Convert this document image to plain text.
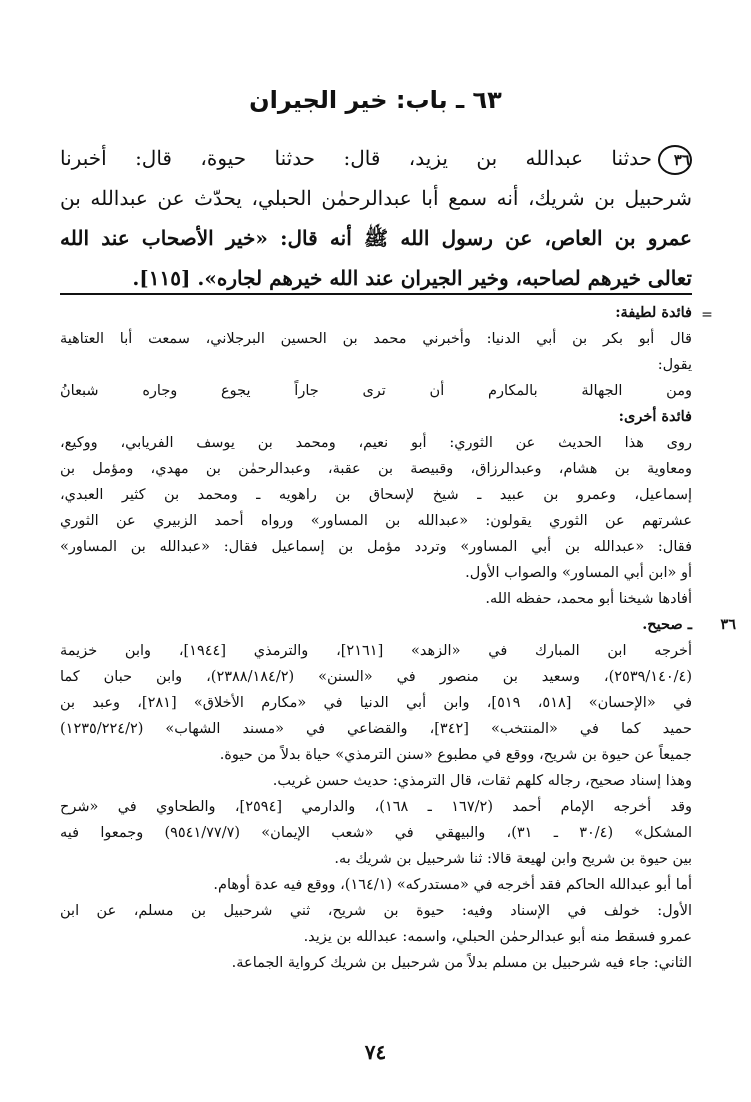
٦٣ ـ باب: خير الجيران
٣٦حدثنا عبدالله بن يزيد، قال: حدثنا حيوة، قال: أخبرنا
شرحبيل بن شريك، أنه سمع أبا عبدالرحمٰن الحبلي، يحدّث عن عبدالله بن
عمرو بن العاص، عن رسول الله ﷺ أنه قال: «خير الأصحاب عند الله
تعالى خيرهم لصاحبه، وخير الجيران عند الله خيرهم لجاره». [١١٥].
=
فائدة لطيفة:
قال أبو بكر بن أبي الدنيا: وأخبرني محمد بن الحسين البرجلاني، سمعت أبا العتاهية
يقول:
ومن الجهالة بالمكارم أن ترى جاراً يجوع وجاره شبعانُ
فائدة أخرى:
روى هذا الحديث عن الثوري: أبو نعيم، ومحمد بن يوسف الفريابي، ووكيع،
ومعاوية بن هشام، وعبدالرزاق، وقبيصة بن عقبة، وعبدالرحمٰن بن مهدي، ومؤمل بن
إسماعيل، وعمرو بن عبيد ـ شيخ لإسحاق بن راهويه ـ ومحمد بن كثير العبدي،
عشرتهم عن الثوري يقولون: «عبدالله بن المساور» ورواه أحمد الزبيري عن الثوري
فقال: «عبدالله بن أبي المساور» وتردد مؤمل بن إسماعيل فقال: «عبدالله بن المساور»
أو «ابن أبي المساور» والصواب الأول.
أفادها شيخنا أبو محمد، حفظه الله.
ـ صحيح.
أخرجه ابن المبارك في «الزهد» [٢١٦١]، والترمذي [١٩٤٤]، وابن خزيمة
(٢٥٣٩/١٤٠/٤)، وسعيد بن منصور في «السنن» (٢٣٨٨/١٨٤/٢)، وابن حبان كما
في «الإحسان» [٥١٨، ٥١٩]، وابن أبي الدنيا في «مكارم الأخلاق» [٢٨١]، وعبد بن
حميد كما في «المنتخب» [٣٤٢]، والقضاعي في «مسند الشهاب» (١٢٣٥/٢٢٤/٢)
جميعاً عن حيوة بن شريح، ووقع في مطبوع «سنن الترمذي» حياة بدلاً من حيوة.
وهذا إسناد صحيح، رجاله كلهم ثقات، قال الترمذي: حديث حسن غريب.
وقد أخرجه الإمام أحمد (١٦٧/٢ ـ ١٦٨)، والدارمي [٢٥٩٤]، والطحاوي في «شرح
المشكل» (٣٠/٤ ـ ٣١)، والبيهقي في «شعب الإيمان» (٩٥٤١/٧٧/٧) وجمعوا فيه
بين حيوة بن شريح وابن لهيعة قالا: ثنا شرحبيل بن شريك به.
أما أبو عبدالله الحاكم فقد أخرجه في «مستدركه» (١٦٤/١)، ووقع فيه عدة أوهام.
الأول: خولف في الإسناد وفيه: حيوة بن شريح، ثني شرحبيل بن مسلم، عن ابن
عمرو فسقط منه أبو عبدالرحمٰن الحبلي، واسمه: عبدالله بن يزيد.
الثاني: جاء فيه شرحبيل بن مسلم بدلاً من شرحبيل بن شريك كرواية الجماعة.
٣٦
٧٤
